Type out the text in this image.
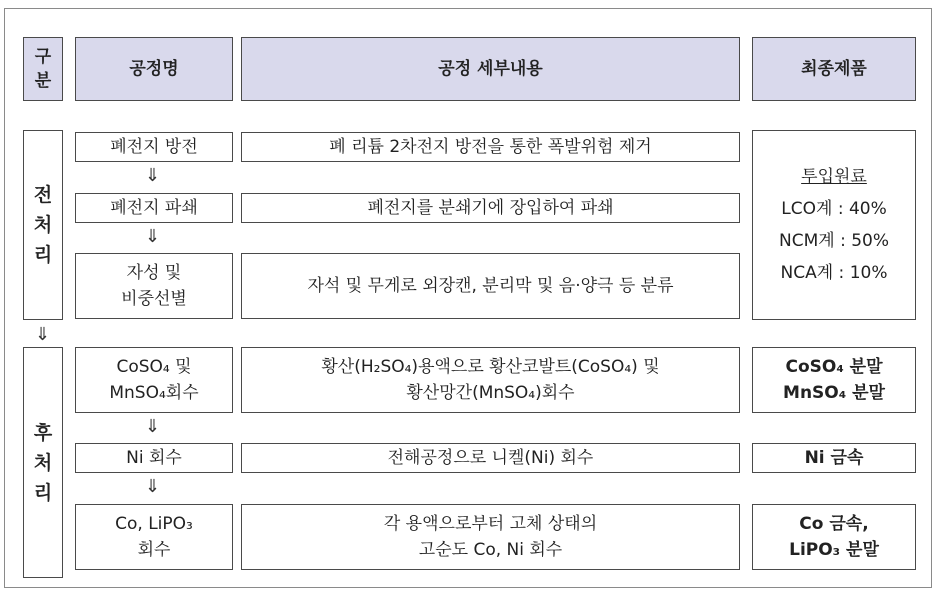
구
분
공정명	공정 세부내용	최종제품
전
처
리
⇓
후
처
리
폐전지 방전
⇓
폐전지 파쇄
⇓
자성 및
비중선별
CoSO₄ 및
MnSO₄회수
⇓
Ni 회수
⇓
Co, LiPO₃
회수
폐 리튬 2차전지 방전을 통한 폭발위험 제거
폐전지를 분쇄기에 장입하여 파쇄
자석 및 무게로 외장캔, 분리막 및 음·양극 등 분류
황산(H₂SO₄)용액으로 황산코발트(CoSO₄) 및
황산망간(MnSO₄)회수
전해공정으로 니켈(Ni) 회수
각 용액으로부터 고체 상태의
고순도 Co, Ni 회수
투입원료
LCO계 : 40%
NCM계 : 50%
NCA계 : 10%
CoSO₄ 분말
MnSO₄ 분말
Ni 금속
Co 금속,
LiPO₃ 분말
